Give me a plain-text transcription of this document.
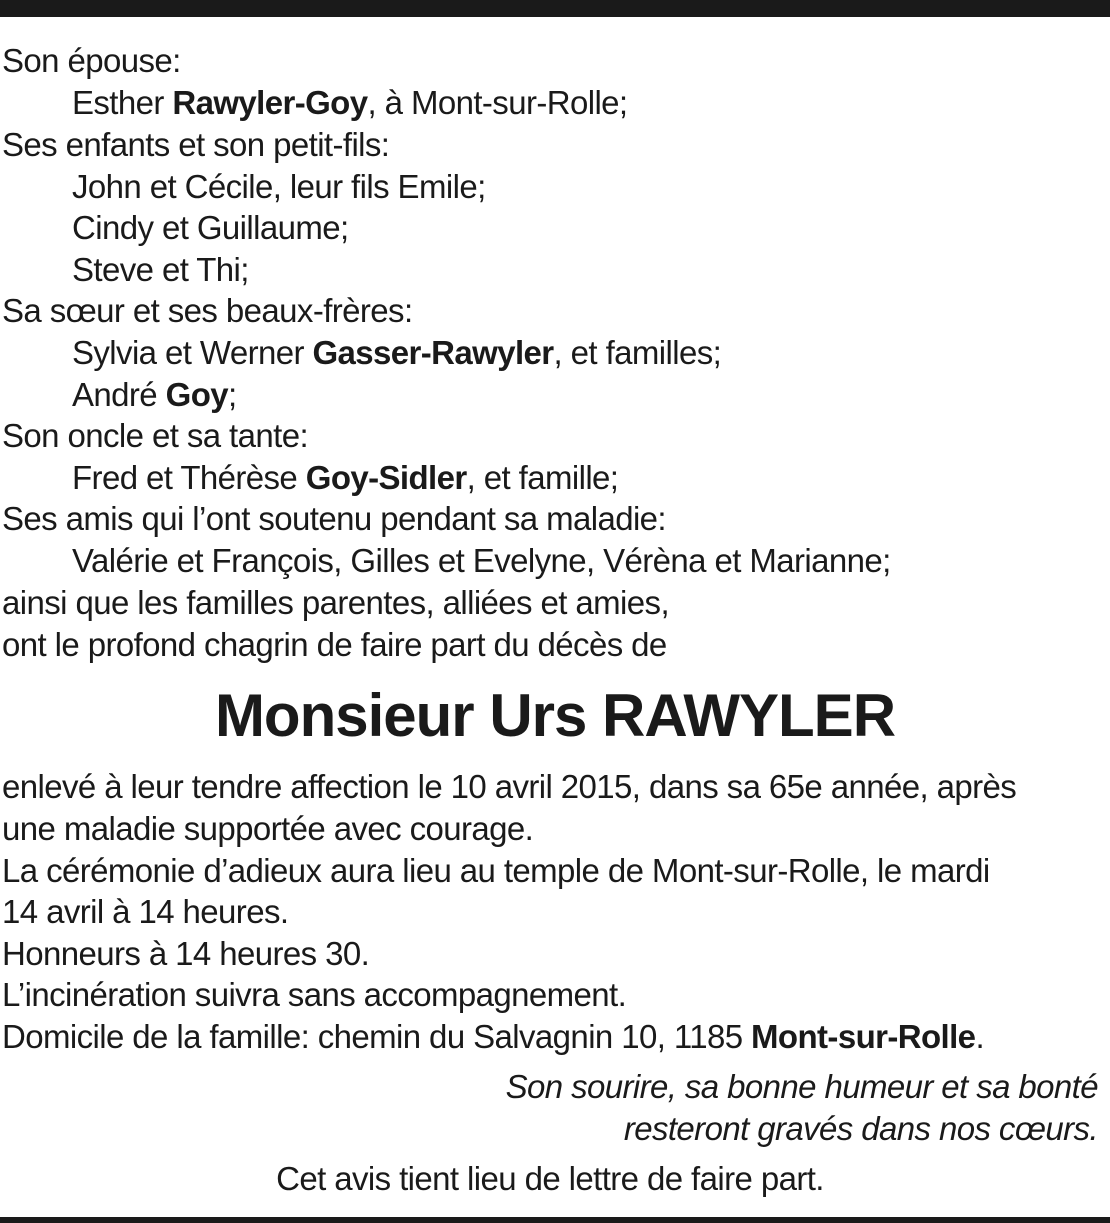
Son épouse:
Esther Rawyler-Goy, à Mont-sur-Rolle;
Ses enfants et son petit-fils:
John et Cécile, leur fils Emile;
Cindy et Guillaume;
Steve et Thi;
Sa sœur et ses beaux-frères:
Sylvia et Werner Gasser-Rawyler, et familles;
André Goy;
Son oncle et sa tante:
Fred et Thérèse Goy-Sidler, et famille;
Ses amis qui l’ont soutenu pendant sa maladie:
Valérie et François, Gilles et Evelyne, Vérèna et Marianne;
ainsi que les familles parentes, alliées et amies,
ont le profond chagrin de faire part du décès de
Monsieur Urs RAWYLER
enlevé à leur tendre affection le 10 avril 2015, dans sa 65e année, après
une maladie supportée avec courage.
La cérémonie d’adieux aura lieu au temple de Mont-sur-Rolle, le mardi
14 avril à 14 heures.
Honneurs à 14 heures 30.
L’incinération suivra sans accompagnement.
Domicile de la famille: chemin du Salvagnin 10, 1185 Mont-sur-Rolle.
Son sourire, sa bonne humeur et sa bonté
resteront gravés dans nos cœurs.
Cet avis tient lieu de lettre de faire part.
